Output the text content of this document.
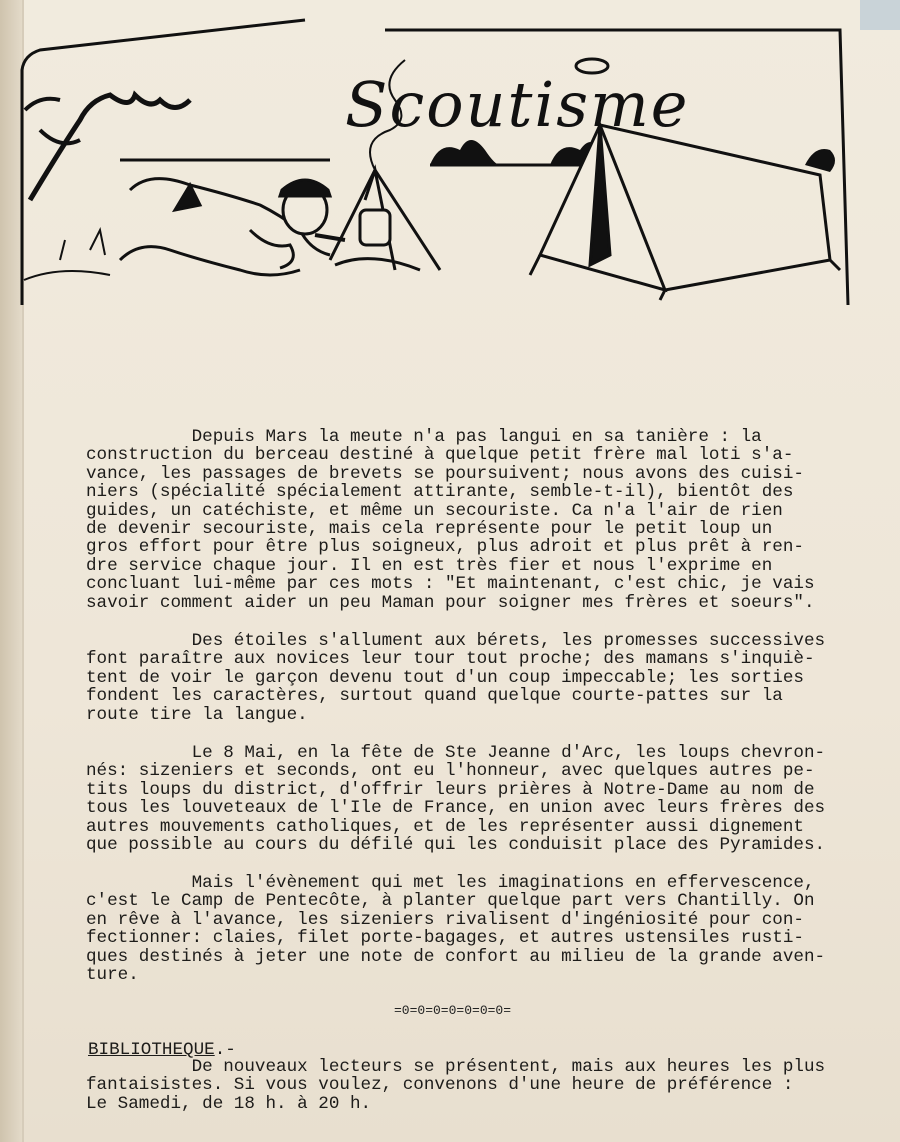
Scoutisme
Depuis Mars la meute n'a pas langui en sa tanière : la
construction du berceau destiné à quelque petit frère mal loti s'a-
vance, les passages de brevets se poursuivent; nous avons des cuisi-
niers (spécialité spécialement attirante, semble-t-il), bientôt des
guides, un catéchiste, et même un secouriste. Ca n'a l'air de rien
de devenir secouriste, mais cela représente pour le petit loup un
gros effort pour être plus soigneux, plus adroit et plus prêt à ren-
dre service chaque jour. Il en est très fier et nous l'exprime en
concluant lui-même par ces mots : "Et maintenant, c'est chic, je vais
savoir comment aider un peu Maman pour soigner mes frères et soeurs".
Des étoiles s'allument aux bérets, les promesses successives
font paraître aux novices leur tour tout proche; des mamans s'inquiè-
tent de voir le garçon devenu tout d'un coup impeccable; les sorties
fondent les caractères, surtout quand quelque courte-pattes sur la
route tire la langue.
Le 8 Mai, en la fête de Ste Jeanne d'Arc, les loups chevron-
nés: sizeniers et seconds, ont eu l'honneur, avec quelques autres pe-
tits loups du district, d'offrir leurs prières à Notre-Dame au nom de
tous les louveteaux de l'Ile de France, en union avec leurs frères des
autres mouvements catholiques, et de les représenter aussi dignement
que possible au cours du défilé qui les conduisit place des Pyramides.
Mais l'évènement qui met les imaginations en effervescence,
c'est le Camp de Pentecôte, à planter quelque part vers Chantilly. On
en rêve à l'avance, les sizeniers rivalisent d'ingéniosité pour con-
fectionner: claies, filet porte-bagages, et autres ustensiles rusti-
ques destinés à jeter une note de confort au milieu de la grande aven-
ture.
=0=0=0=0=0=0=0=
BIBLIOTHEQUE.-
De nouveaux lecteurs se présentent, mais aux heures les plus
fantaisistes. Si vous voulez, convenons d'une heure de préférence :
Le Samedi, de 18 h. à 20 h.
